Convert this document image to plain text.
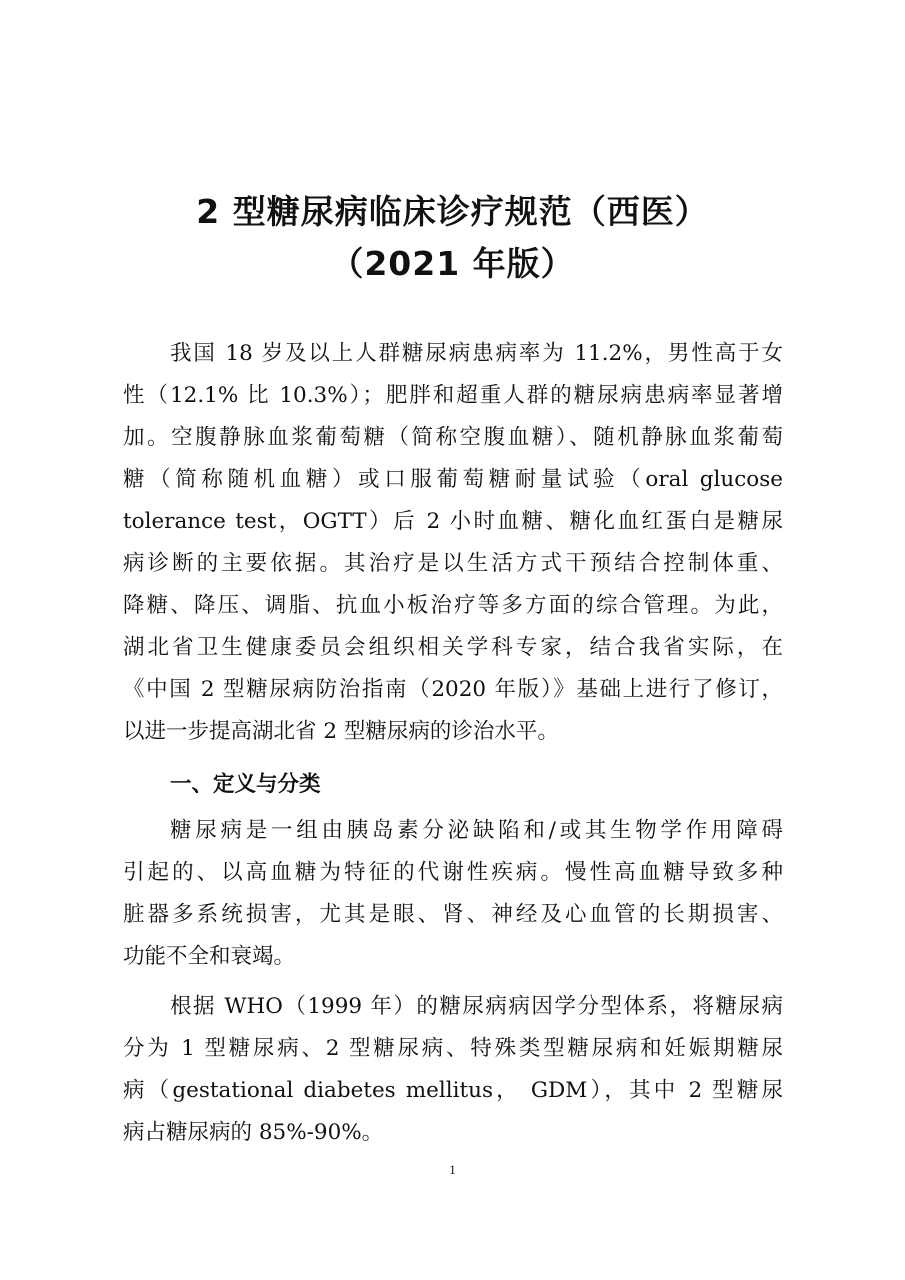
2 型糖尿病临床诊疗规范（西医）
（2021 年版）
我国 18 岁及以上人群糖尿病患病率为 11.2%，男性高于女
性（12.1% 比 10.3%）；肥胖和超重人群的糖尿病患病率显著增
加。空腹静脉血浆葡萄糖（简称空腹血糖）、随机静脉血浆葡萄
糖（简称随机血糖）或口服葡萄糖耐量试验（oral glucose
tolerance test，OGTT）后 2 小时血糖、糖化血红蛋白是糖尿
病诊断的主要依据。其治疗是以生活方式干预结合控制体重、
降糖、降压、调脂、抗血小板治疗等多方面的综合管理。为此，
湖北省卫生健康委员会组织相关学科专家，结合我省实际，在
《中国 2 型糖尿病防治指南（2020 年版）》基础上进行了修订，
以进一步提高湖北省 2 型糖尿病的诊治水平。
一、定义与分类
糖尿病是一组由胰岛素分泌缺陷和/或其生物学作用障碍
引起的、以高血糖为特征的代谢性疾病。慢性高血糖导致多种
脏器多系统损害，尤其是眼、肾、神经及心血管的长期损害、
功能不全和衰竭。
根据 WHO（1999 年）的糖尿病病因学分型体系，将糖尿病
分为 1 型糖尿病、2 型糖尿病、特殊类型糖尿病和妊娠期糖尿
病（gestational diabetes mellitus， GDM），其中 2 型糖尿
病占糖尿病的 85%-90%。
1
